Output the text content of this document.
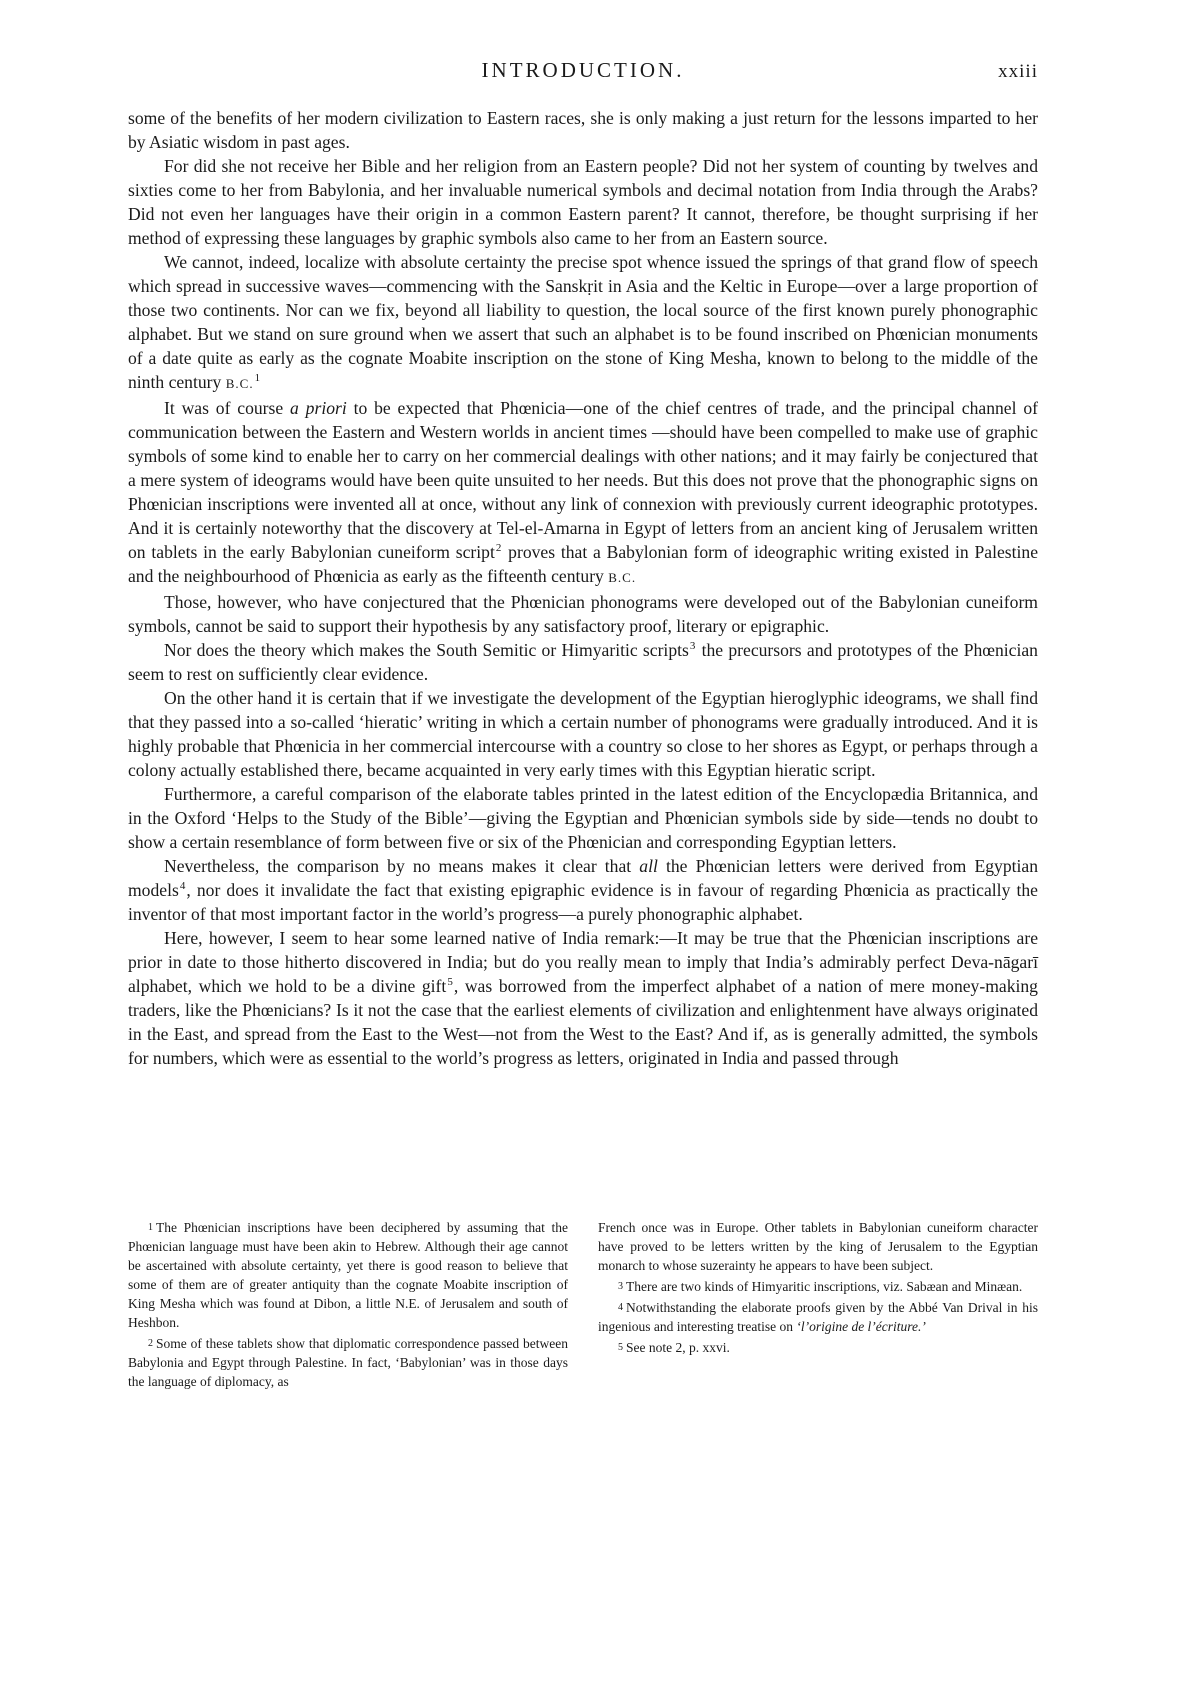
INTRODUCTION.	xxiii

some of the benefits of her modern civilization to Eastern races, she is only making a just return for the lessons imparted to her by Asiatic wisdom in past ages.

For did she not receive her Bible and her religion from an Eastern people? Did not her system of counting by twelves and sixties come to her from Babylonia, and her invaluable numerical symbols and decimal notation from India through the Arabs? Did not even her languages have their origin in a common Eastern parent? It cannot, therefore, be thought surprising if her method of expressing these languages by graphic symbols also came to her from an Eastern source.

We cannot, indeed, localize with absolute certainty the precise spot whence issued the springs of that grand flow of speech which spread in successive waves—commencing with the Sanskṛit in Asia and the Keltic in Europe—over a large proportion of those two continents. Nor can we fix, beyond all liability to question, the local source of the first known purely phonographic alphabet. But we stand on sure ground when we assert that such an alphabet is to be found inscribed on Phœnician monuments of a date quite as early as the cognate Moabite inscription on the stone of King Mesha, known to belong to the middle of the ninth century B.C.$^1$

It was of course a priori to be expected that Phœnicia—one of the chief centres of trade, and the principal channel of communication between the Eastern and Western worlds in ancient times —should have been compelled to make use of graphic symbols of some kind to enable her to carry on her commercial dealings with other nations; and it may fairly be conjectured that a mere system of ideograms would have been quite unsuited to her needs. But this does not prove that the phonographic signs on Phœnician inscriptions were invented all at once, without any link of connexion with previously current ideographic prototypes. And it is certainly noteworthy that the discovery at Tel-el-Amarna in Egypt of letters from an ancient king of Jerusalem written on tablets in the early Babylonian cuneiform script$^2$ proves that a Babylonian form of ideographic writing existed in Palestine and the neighbourhood of Phœnicia as early as the fifteenth century B.C.

Those, however, who have conjectured that the Phœnician phonograms were developed out of the Babylonian cuneiform symbols, cannot be said to support their hypothesis by any satisfactory proof, literary or epigraphic.

Nor does the theory which makes the South Semitic or Himyaritic scripts$^3$ the precursors and prototypes of the Phœnician seem to rest on sufficiently clear evidence.

On the other hand it is certain that if we investigate the development of the Egyptian hieroglyphic ideograms, we shall find that they passed into a so-called ‘hieratic’ writing in which a certain number of phonograms were gradually introduced. And it is highly probable that Phœnicia in her commercial intercourse with a country so close to her shores as Egypt, or perhaps through a colony actually established there, became acquainted in very early times with this Egyptian hieratic script.

Furthermore, a careful comparison of the elaborate tables printed in the latest edition of the Encyclopædia Britannica, and in the Oxford ‘Helps to the Study of the Bible’—giving the Egyptian and Phœnician symbols side by side—tends no doubt to show a certain resemblance of form between five or six of the Phœnician and corresponding Egyptian letters.

Nevertheless, the comparison by no means makes it clear that all the Phœnician letters were derived from Egyptian models$^4$, nor does it invalidate the fact that existing epigraphic evidence is in favour of regarding Phœnicia as practically the inventor of that most important factor in the world’s progress—a purely phonographic alphabet.

Here, however, I seem to hear some learned native of India remark:—It may be true that the Phœnician inscriptions are prior in date to those hitherto discovered in India; but do you really mean to imply that India’s admirably perfect Deva-nāgarī alphabet, which we hold to be a divine gift$^5$, was borrowed from the imperfect alphabet of a nation of mere money-making traders, like the Phœnicians? Is it not the case that the earliest elements of civilization and enlightenment have always originated in the East, and spread from the East to the West—not from the West to the East? And if, as is generally admitted, the symbols for numbers, which were as essential to the world’s progress as letters, originated in India and passed through

$^1$ The Phœnician inscriptions have been deciphered by assuming that the Phœnician language must have been akin to Hebrew. Although their age cannot be ascertained with absolute certainty, yet there is good reason to believe that some of them are of greater antiquity than the cognate Moabite inscription of King Mesha which was found at Dibon, a little N.E. of Jerusalem and south of Heshbon.

$^2$ Some of these tablets show that diplomatic correspondence passed between Babylonia and Egypt through Palestine. In fact, ‘Babylonian’ was in those days the language of diplomacy, as

French once was in Europe. Other tablets in Babylonian cuneiform character have proved to be letters written by the king of Jerusalem to the Egyptian monarch to whose suzerainty he appears to have been subject.

$^3$ There are two kinds of Himyaritic inscriptions, viz. Sabæan and Minæan.

$^4$ Notwithstanding the elaborate proofs given by the Abbé Van Drival in his ingenious and interesting treatise on ‘l’origine de l’écriture.’

$^5$ See note 2, p. xxvi.
